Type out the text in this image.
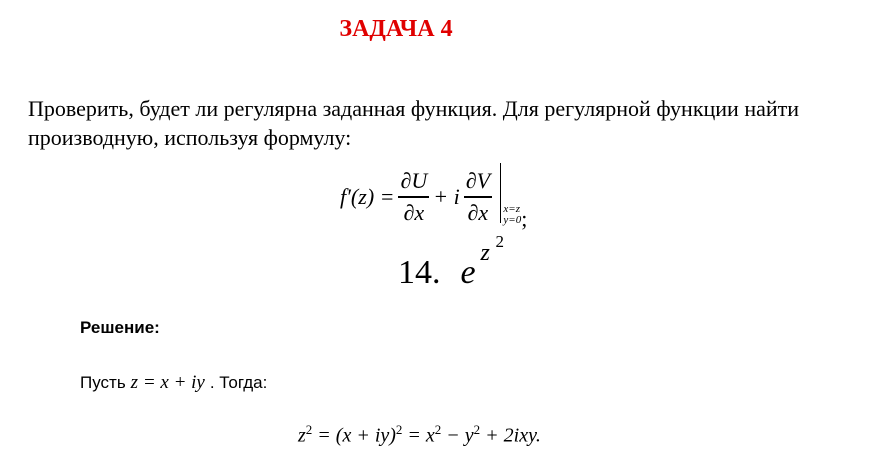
ЗАДАЧА 4
Проверить, будет ли регулярна заданная функция. Для регулярной функции найти производную, используя формулу:
$f'(z) = \frac{\partial U}{\partial x} + i \frac{\partial V}{\partial x} x=z$
y=0 ;
14. e
z 2
Решение:
Пусть z = x + iy . Тогда:
$z^2 = (x + iy)^2 = x^2 - y^2 + 2ixy$.
